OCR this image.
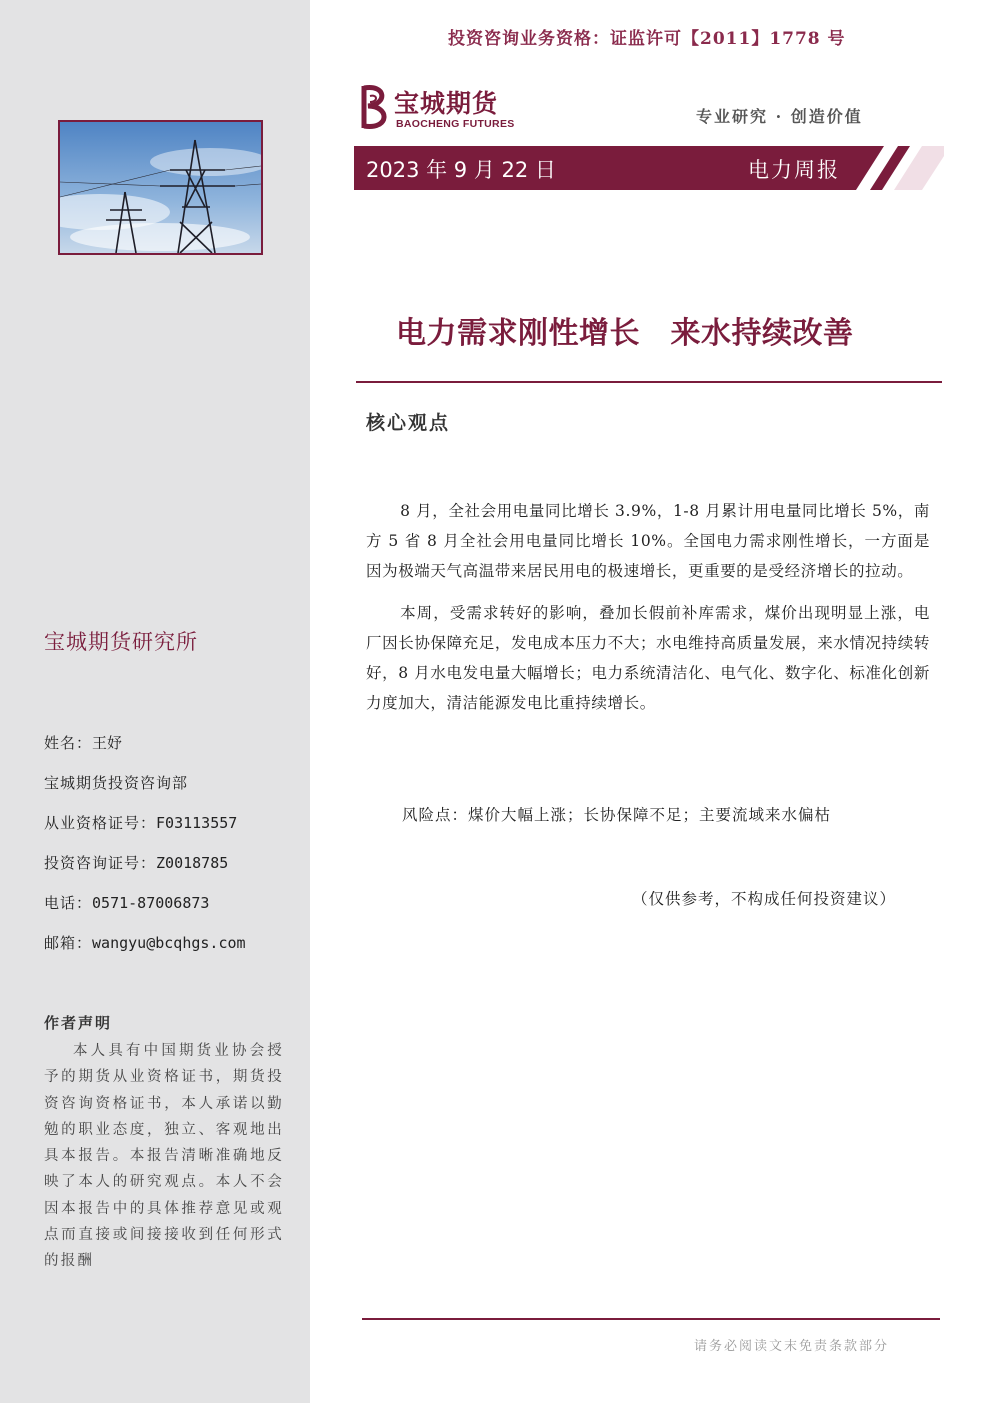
宝城期货研究所
姓名：王妤
宝城期货投资咨询部
从业资格证号：F03113557
投资咨询证号：Z0018785
电话：0571-87006873
邮箱：wangyu@bcqhgs.com
作者声明
本人具有中国期货业协会授予的期货从业资格证书，期货投资咨询资格证书，本人承诺以勤勉的职业态度，独立、客观地出具本报告。本报告清晰准确地反映了本人的研究观点。本人不会因本报告中的具体推荐意见或观点而直接或间接接收到任何形式的报酬
投资咨询业务资格：证监许可【2011】1778 号
宝城期货
BAOCHENG FUTURES	专业研究 · 创造价值
2023 年 9 月 22 日	电力周报
电力需求刚性增长　来水持续改善
核心观点

8 月，全社会用电量同比增长 3.9%，1-8 月累计用电量同比增长 5%，南方 5 省 8 月全社会用电量同比增长 10%。全国电力需求刚性增长，一方面是因为极端天气高温带来居民用电的极速增长，更重要的是受经济增长的拉动。

本周，受需求转好的影响，叠加长假前补库需求，煤价出现明显上涨，电厂因长协保障充足，发电成本压力不大；水电维持高质量发展，来水情况持续转好，8 月水电发电量大幅增长；电力系统清洁化、电气化、数字化、标准化创新力度加大，清洁能源发电比重持续增长。

风险点：煤价大幅上涨；长协保障不足；主要流域来水偏枯
（仅供参考，不构成任何投资建议）
请务必阅读文末免责条款部分
